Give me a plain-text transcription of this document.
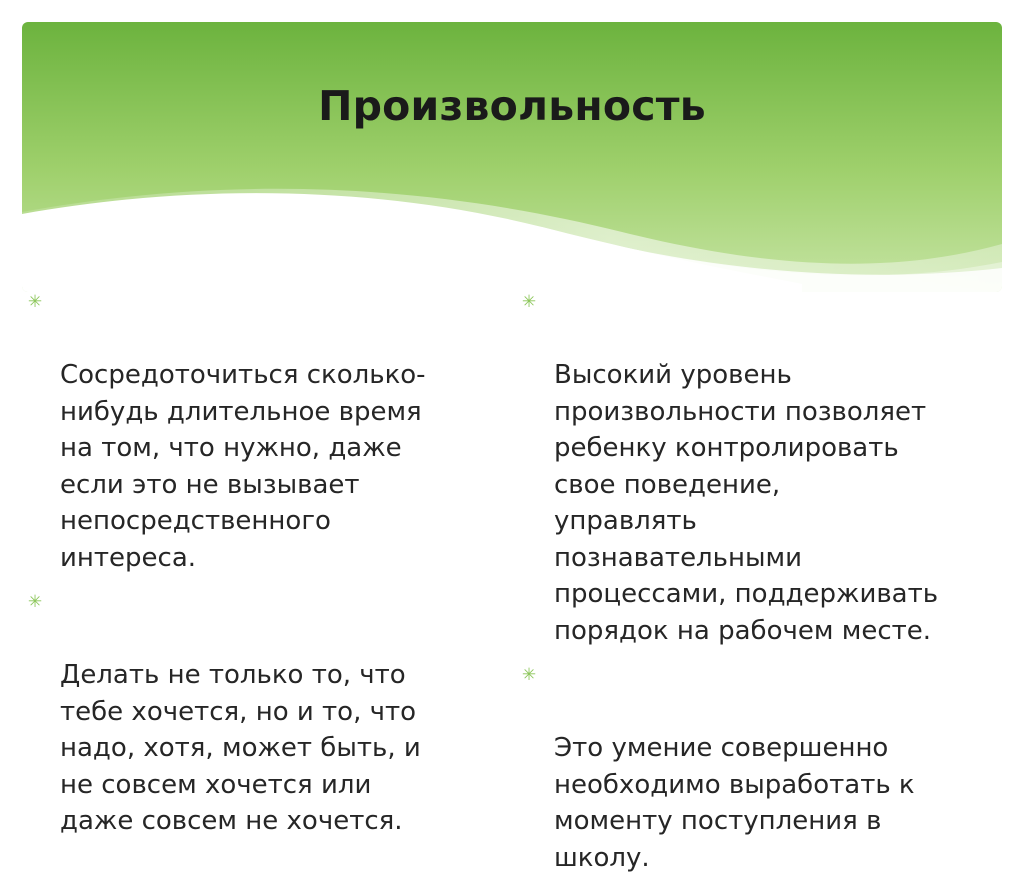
Произвольность

✳

Сосредоточиться сколько-
нибудь длительное время
на том, что нужно, даже
если это не вызывает
непосредственного
интереса.

✳

Делать не только то, что
тебе хочется, но и то, что
надо, хотя, может быть, и
не совсем хочется или
даже совсем не хочется.

✳

Высокий уровень
произвольности позволяет
ребенку контролировать
свое поведение,
управлять
познавательными
процессами, поддерживать
порядок на рабочем месте.

✳

Это умение совершенно
необходимо выработать к
моменту поступления в
школу.
